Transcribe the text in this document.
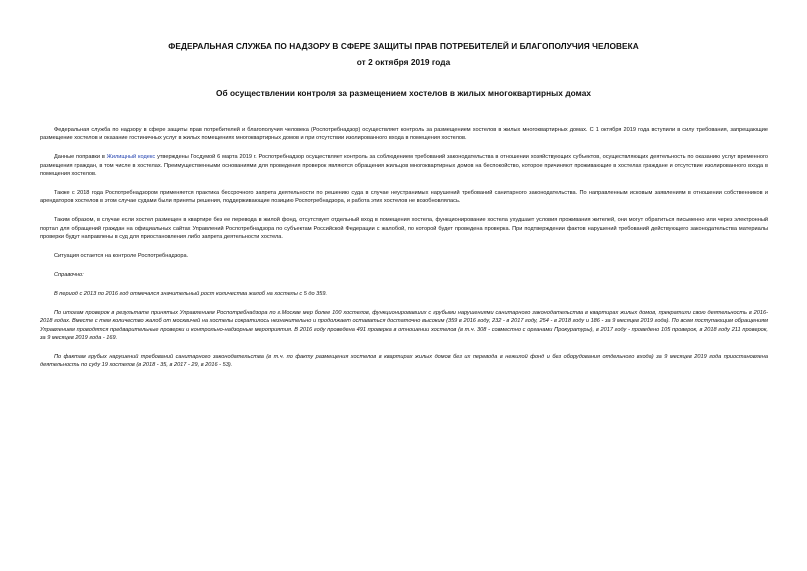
ФЕДЕРАЛЬНАЯ СЛУЖБА ПО НАДЗОРУ В СФЕРЕ ЗАЩИТЫ ПРАВ ПОТРЕБИТЕЛЕЙ И БЛАГОПОЛУЧИЯ ЧЕЛОВЕКА
от 2 октября 2019 года
Об осуществлении контроля за размещением хостелов в жилых многоквартирных домах

Федеральная служба по надзору в сфере защиты прав потребителей и благополучия человека (Роспотребнадзор) осуществляет контроль за размещением хостелов в жилых многоквартирных домах. С 1 октября 2019 года вступили в силу требования, запрещающие размещение хостелов и оказание гостиничных услуг в жилых помещениях многоквартирных домов и при отсутствии изолированного входа в помещения хостелов.

Данные поправки в Жилищный кодекс утверждены Госдумой 6 марта 2019 г. Роспотребнадзор осуществляет контроль за соблюдением требований законодательства в отношении хозяйствующих субъектов, осуществляющих деятельность по оказанию услуг временного размещения граждан, в том числе в хостелах. Преимущественными основаниями для проведения проверок являются обращения жильцов многоквартирных домов на беспокойство, которое причиняют проживающие в хостелах граждане и отсутствие изолированного входа в помещения хостелов.

Также с 2018 года Роспотребнадзором применяется практика бессрочного запрета деятельности по решению суда в случае неустранимых нарушений требований санитарного законодательства. По направленным исковым заявлениям в отношении собственников и арендаторов хостелов в этом случае судами были приняты решения, поддерживающие позицию Роспотребнадзора, и работа этих хостелов не возобновлялась.

Таким образом, в случае если хостел размещен в квартире без ее перевода в жилой фонд, отсутствует отдельный вход в помещения хостела, функционирование хостела ухудшает условия проживания жителей, они могут обратиться письменно или через электронный портал для обращений граждан на официальных сайтах Управлений Роспотребнадзора по субъектам Российской Федерации с жалобой, по которой будет проведена проверка. При подтверждении фактов нарушений требований действующего законодательства материалы проверки будут направлены в суд для приостановления либо запрета деятельности хостела.

Ситуация остается на контроле Роспотребнадзора.

Справочно:

В период с 2013 по 2016 год отмечался значительный рост количества жалоб на хостелы с 5 до 359.

По итогам проверок в результате принятых Управлением Роспотребнадзора по г.Москве мер более 100 хостелов, функционировавших с грубыми нарушениями санитарного законодательства в квартирах жилых домов, прекратили свою деятельность в 2016-2018 годах. Вместе с тем количество жалоб от москвичей на хостелы сократилось незначительно и продолжает оставаться достаточно высоким (359 в 2016 году, 232 - в 2017 году, 254 - в 2018 году и 186 - за 9 месяцев 2019 года). По всем поступающим обращениям Управлением проводятся предварительные проверки и контрольно-надзорные мероприятия. В 2016 году проведена 491 проверка в отношении хостелов (в т.ч. 308 - совместно с органами Прокуратуры), в 2017 году - проведено 105 проверок, в 2018 году 211 проверок, за 9 месяцев 2019 года - 169.

По фактам грубых нарушений требований санитарного законодательства (в т.ч. по факту размещения хостелов в квартирах жилых домов без их перевода в нежилой фонд и без оборудования отдельного входа) за 9 месяцев 2019 года приостановлена деятельность по суду 19 хостелов (в 2018 - 35, в 2017 - 29, в 2016 - 53).
